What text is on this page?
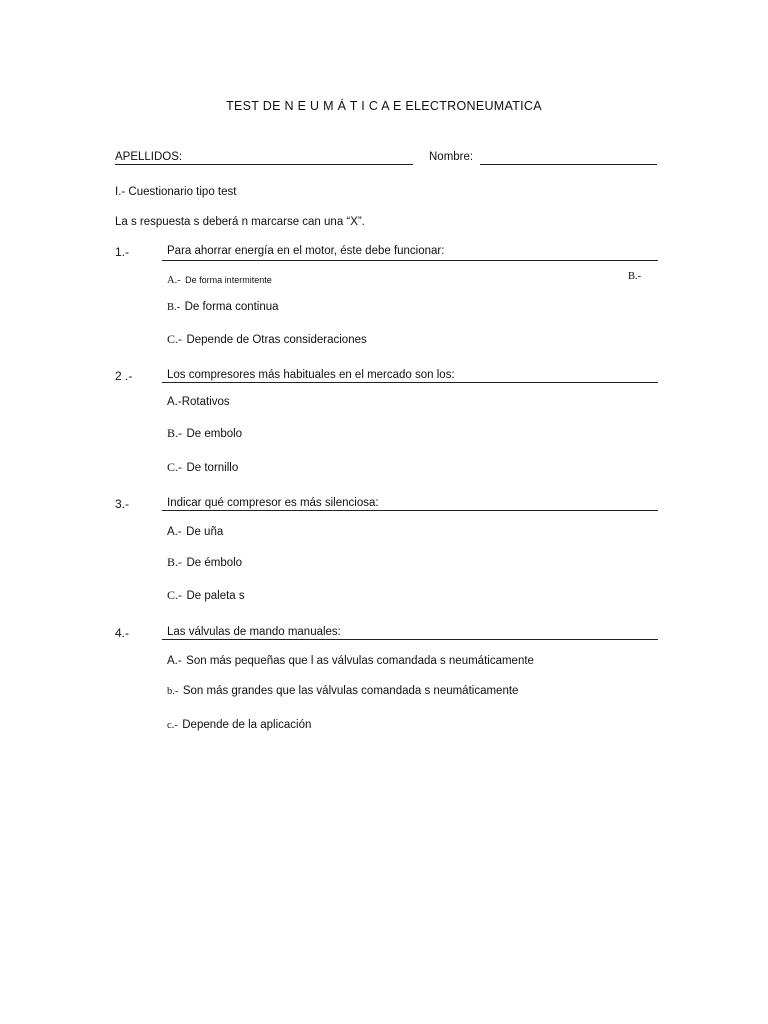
TEST DE N E U M Á T I C A E ELECTRONEUMATICA
APELLIDOS:	Nombre:
I.- Cuestionario tipo test
La s respuesta s deberá n marcarse can una “X”.
1.-	Para ahorrar energía en el motor, éste debe funcionar:
A.- De forma intermitente	B.-
B.- De forma continua
C.- Depende de Otras consideraciones
2 .-	Los compresores más habituales en el mercado son los:
A.-Rotativos
B.- De embolo
C.- De tornillo
3.-	Indicar qué compresor es más silenciosa:
A.- De uña
B.- De émbolo
C.- De paleta s
4.-	Las válvulas de mando manuales:
A.- Son más pequeñas que l as válvulas comandada s neumáticamente
b.- Son más grandes que las válvulas comandada s neumáticamente
c.- Depende de la aplicación
